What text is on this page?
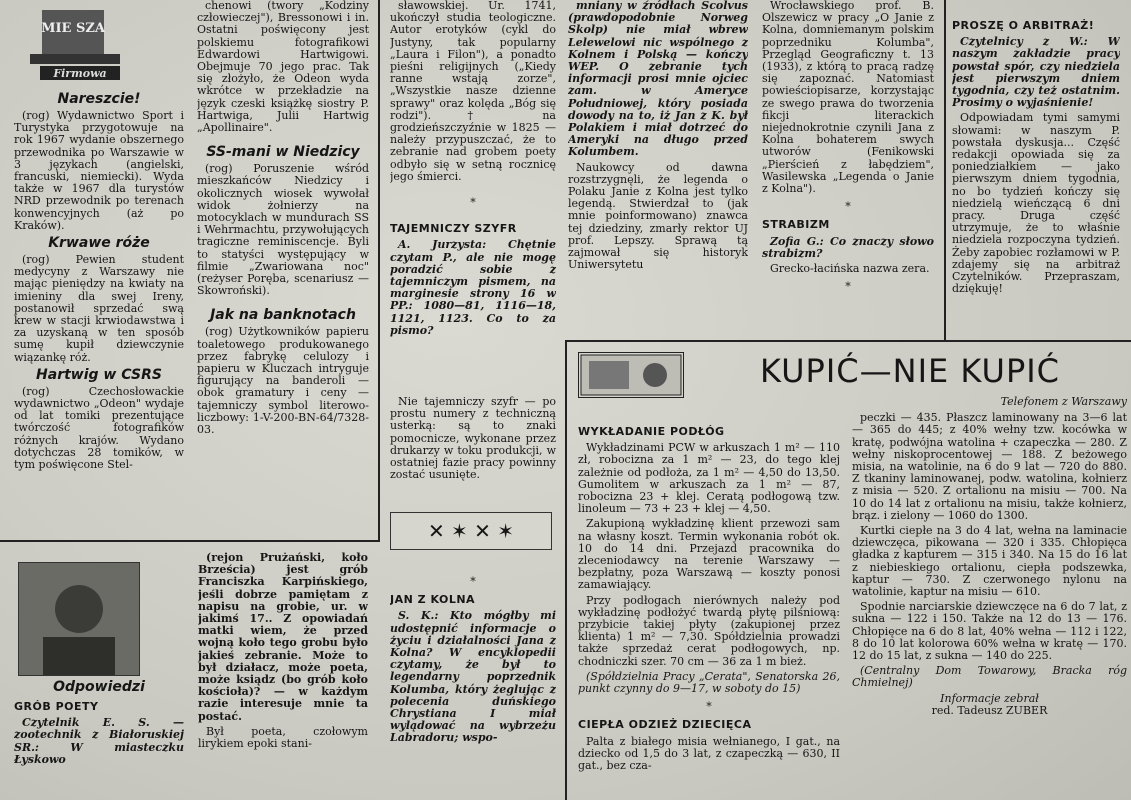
MIE SZA
Firmowa
Nareszcie!

(rog) Wydawnictwo Sport i Turystyka przygotowuje na rok 1967 wydanie obszernego przewodnika po Warszawie w 3 językach (angielski, francuski, niemiecki). Wyda także w 1967 dla turystów NRD przewodnik po terenach konwencyjnych (aż po Kraków).

Krwawe róże

(rog) Pewien student medycyny z Warszawy nie mając pieniędzy na kwiaty na imieniny dla swej Ireny, postanowił sprzedać swą krew w stacji krwiodawstwa i za uzyskaną w ten sposób sumę kupił dziewczynie wiązankę róż.

Hartwig w CSRS

(rog) Czechosłowackie wydawnictwo „Odeon" wydaje od lat tomiki prezentujące twórczość fotografików różnych krajów. Wydano dotychczas 28 tomików, w tym poświęcone Stel-

chenowi (twory „Kodziny człowieczej"), Bressonowi i in. Ostatni poświęcony jest polskiemu fotografikowi Edwardowi Hartwigowi. Obejmuje 70 jego prac. Tak się złożyło, że Odeon wyda wkrótce w przekładzie na język czeski książkę siostry P. Hartwiga, Julii Hartwig „Apollinaire".

SS-mani w Niedzicy

(rog) Poruszenie wśród mieszkańców Niedzicy i okolicznych wiosek wywołał widok żołnierzy na motocyklach w mundurach SS i Wehrmachtu, przywołujących tragiczne reminiscencje. Byli to statyści występujący w filmie „Zwariowana noc" (reżyser Poręba, scenariusz — Skowroński).

Jak na banknotach

(rog) Użytkowników papieru toaletowego produkowanego przez fabrykę celulozy i papieru w Kluczach intryguje figurujący na banderoli — obok gramatury i ceny — tajemniczy symbol literowo-liczbowy: 1-V-200-BN-64/7328-03.

sławowskiej. Ur. 1741, ukończył studia teologiczne. Autor erotyków (cykl do Justyny, tak popularny „Laura i Filon"), a ponadto pieśni religijnych („Kiedy ranne wstają zorze", „Wszystkie nasze dzienne sprawy" oraz kolęda „Bóg się rodzi"). † na grodzieńszczyźnie w 1825 — należy przypuszczać, że to zebranie nad grobem poety odbyło się w setną rocznicę jego śmierci.

*
TAJEMNICZY SZYFR

A. Jurzysta: Chętnie czytam P., ale nie mogę poradzić sobie z tajemniczym pismem, na marginesie strony 16 w PP.: 1080—81, 1116—18, 1121, 1123. Co to za pismo?

Nie tajemniczy szyfr — po prostu numery z techniczną usterką: są to znaki pomocnicze, wykonane przez drukarzy w toku produkcji, w ostatniej fazie pracy powinny zostać usunięte.

✕ ✶ ✕ ✶

mniany w źródłach Scolvus (prawdopodobnie Norweg Skolp) nie miał wbrew Lelewelowi nic wspólnego z Kolnem i Polską — kończy WEP. O zebranie tych informacji prosi mnie ojciec zam. w Ameryce Południowej, który posiada dowody na to, iż Jan z K. był Polakiem i miał dotrzeć do Ameryki na długo przed Kolumbem.

Naukowcy od dawna rozstrzygnęli, że legenda o Polaku Janie z Kolna jest tylko legendą. Stwierdzał to (jak mnie poinformowano) znawca tej dziedziny, zmarły rektor UJ prof. Lepszy. Sprawą tą zajmował się historyk Uniwersytetu

Wrocławskiego prof. B. Olszewicz w pracy „O Janie z Kolna, domniemanym polskim poprzedniku Kolumba", Przegląd Geograficzny t. 13 (1933), z którą to pracą radzę się zapoznać. Natomiast powieściopisarze, korzystając ze swego prawa do tworzenia fikcji literackich niejednokrotnie czynili Jana z Kolna bohaterem swych utworów (Fenikowski „Pierścień z łabędziem", Wasilewska „Legenda o Janie z Kolna").

*
STRABIZM

Zofia G.: Co znaczy słowo strabizm?

Grecko-łacińska nazwa zera.

*
PROSZĘ O ARBITRAŻ!

Czytelnicy z W.: W naszym zakładzie pracy powstał spór, czy niedziela jest pierwszym dniem tygodnia, czy też ostatnim. Prosimy o wyjaśnienie!

Odpowiadam tymi samymi słowami: w naszym P. powstała dyskusja... Część redakcji opowiada się za poniedziałkiem — jako pierwszym dniem tygodnia, no bo tydzień kończy się niedzielą wieńczącą 6 dni pracy. Druga część utrzymuje, że to właśnie niedziela rozpoczyna tydzień. Żeby zapobiec rozłamowi w P. zdajemy się na arbitraż Czytelników. Przepraszam, dziękuję!

Odpowiedzi
GRÓB POETY

Czytelnik E. S. — zootechnik z Białoruskiej SR.: W miasteczku Łyskowo

(rejon Prużański, koło Brześcia) jest grób Franciszka Karpińskiego, jeśli dobrze pamiętam z napisu na grobie, ur. w jakimś 17.. Z opowiadań matki wiem, że przed wojną koło tego grobu było jakieś zebranie. Może to był działacz, może poeta, może ksiądz (bo grób koło kościoła)? — w każdym razie interesuje mnie ta postać.

Był poeta, czołowym lirykiem epoki stani-

*
JAN Z KOLNA

S. K.: Kto mógłby mi udostępnić informacje o życiu i działalności Jana z Kolna? W encyklopedii czytamy, że był to legendarny poprzednik Kolumba, który żeglując z polecenia duńskiego Chrystiana I miał wylądować na wybrzeżu Labradoru; wspo-

KUPIĆ—NIE KUPIĆ
WYKŁADANIE PODŁÓG

Wykładzinami PCW w arkuszach 1 m² — 110 zł, robocizna za 1 m² — 23, do tego klej zależnie od podłoża, za 1 m² — 4,50 do 13,50. Gumolitem w arkuszach za 1 m² — 87, robocizna 23 + klej. Ceratą podłogową tzw. linoleum — 73 + 23 + klej — 4,50.

Zakupioną wykładzinę klient przewozi sam na własny koszt. Termin wykonania robót ok. 10 do 14 dni. Przejazd pracownika do zleceniodawcy na terenie Warszawy — bezpłatny, poza Warszawą — koszty ponosi zamawiający.

Przy podłogach nierównych należy pod wykładzinę podłożyć twardą płytę pilśniową: przybicie takiej płyty (zakupionej przez klienta) 1 m² — 7,30. Spółdzielnia prowadzi także sprzedaż cerat podłogowych, np. chodniczki szer. 70 cm — 36 za 1 m bież.

(Spółdzielnia Pracy „Cerata", Senatorska 26, punkt czynny do 9—17, w soboty do 15)

*
CIEPŁA ODZIEŻ DZIECIĘCA

Palta z białego misia wełnianego, I gat., na dziecko od 1,5 do 3 lat, z czapeczką — 630, II gat., bez cza-

Telefonem z Warszawy

peczki — 435. Płaszcz laminowany na 3—6 lat — 365 do 445; z 40% wełny tzw. kocówka w kratę, podwójna watolina + czapeczka — 280. Z wełny niskoprocentowej — 188. Z beżowego misia, na watolinie, na 6 do 9 lat — 720 do 880. Z tkaniny laminowanej, podw. watolina, kołnierz z misia — 520. Z ortalionu na misiu — 700. Na 10 do 14 lat z ortalionu na misiu, także kołnierz, brąz. i zielony — 1060 do 1300.

Kurtki ciepłe na 3 do 4 lat, wełna na laminacie dziewczęca, pikowana — 320 i 335. Chłopięca gładka z kapturem — 315 i 340. Na 15 do 16 lat z niebieskiego ortalionu, ciepła podszewka, kaptur — 730. Z czerwonego nylonu na watolinie, kaptur na misiu — 610.

Spodnie narciarskie dziewczęce na 6 do 7 lat, z sukna — 122 i 150. Także na 12 do 13 — 176. Chłopięce na 6 do 8 lat, 40% wełna — 112 i 122, 8 do 10 lat kolorowa 60% wełna w kratę — 170. 12 do 15 lat, z sukna — 140 do 225.

(Centralny Dom Towarowy, Bracka róg Chmielnej)

Informacje zebrał
red. Tadeusz ZUBER
